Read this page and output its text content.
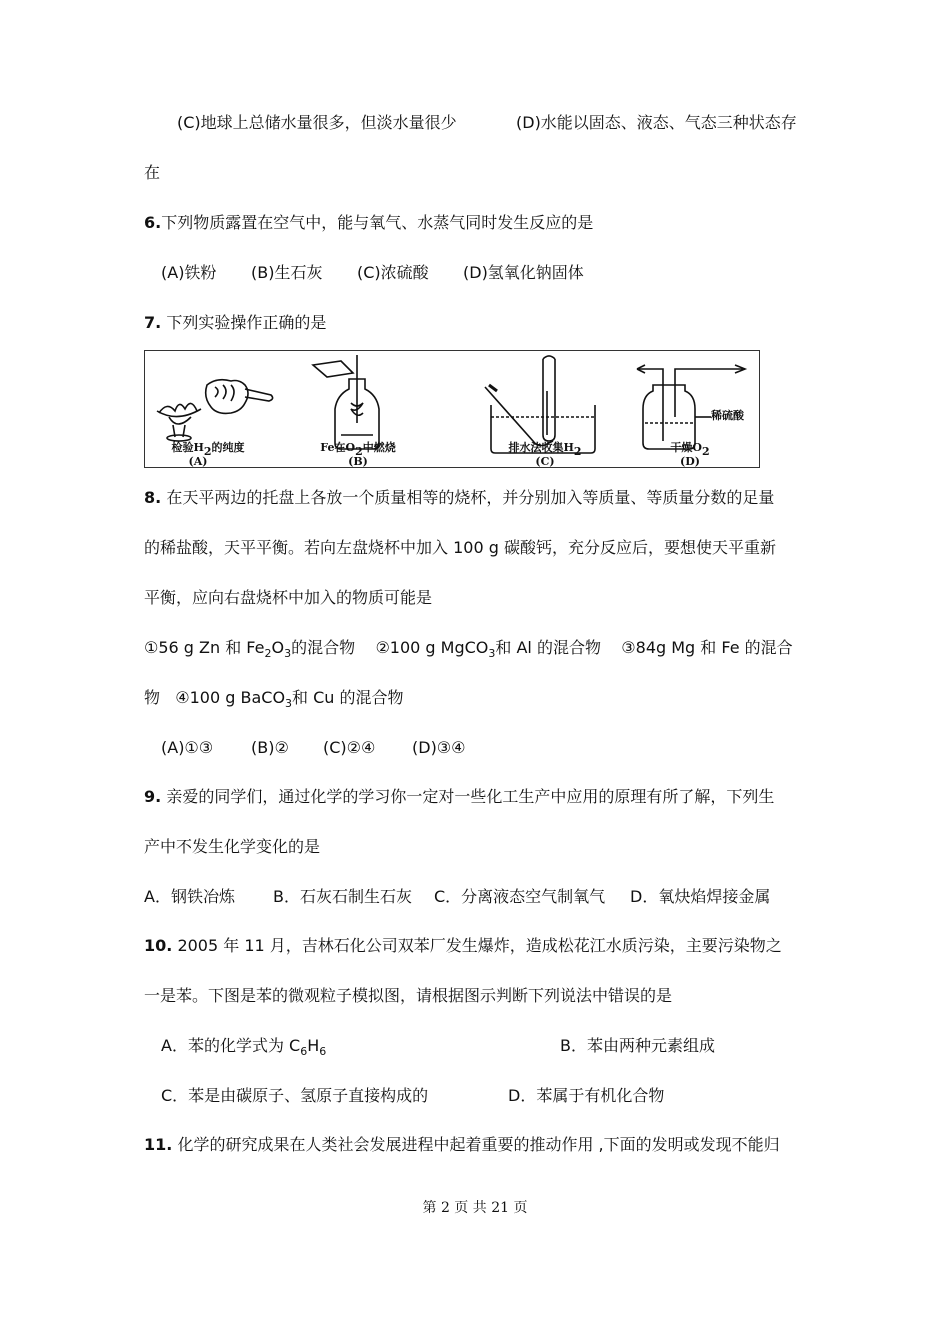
(C)地球上总储水量很多，但淡水量很少	(D)水能以固态、液态、气态三种状态存
在
6.下列物质露置在空气中，能与氧气、水蒸气同时发生反应的是
(A)铁粉 (B)生石灰 (C)浓硫酸 (D)氢氧化钠固体
7. 下列实验操作正确的是
检验$H_2$的纯度
(A)
Fe在$O_2$中燃烧
(B)
排水法收集$H_2$
(C)
干燥$O_2$
(D)
稀硫酸
8. 在天平两边的托盘上各放一个质量相等的烧杯，并分别加入等质量、等质量分数的足量
的稀盐酸，天平平衡。若向左盘烧杯中加入 100 g 碳酸钙，充分反应后，要想使天平重新
平衡，应向右盘烧杯中加入的物质可能是
①56 g Zn 和 $Fe_2O_3$的混合物 ②100 g MgCO$_3$和 Al 的混合物 ③84g Mg 和 Fe 的混合
物 ④100 g BaCO$_3$和 Cu 的混合物
(A)①③ (B)② (C)②④ (D)③④
9. 亲爱的同学们，通过化学的学习你一定对一些化工生产中应用的原理有所了解，下列生
产中不发生化学变化的是
A．钢铁冶炼 B．石灰石制生石灰 C．分离液态空气制氧气 D．氧炔焰焊接金属
10. 2005 年 11 月，吉林石化公司双苯厂发生爆炸，造成松花江水质污染，主要污染物之
一是苯。下图是苯的微观粒子模拟图，请根据图示判断下列说法中错误的是
A．苯的化学式为 $C_6H_6$	B．苯由两种元素组成
C．苯是由碳原子、氢原子直接构成的	D．苯属于有机化合物
11. 化学的研究成果在人类社会发展进程中起着重要的推动作用 ,下面的发明或发现不能归
第 2 页 共 21 页
